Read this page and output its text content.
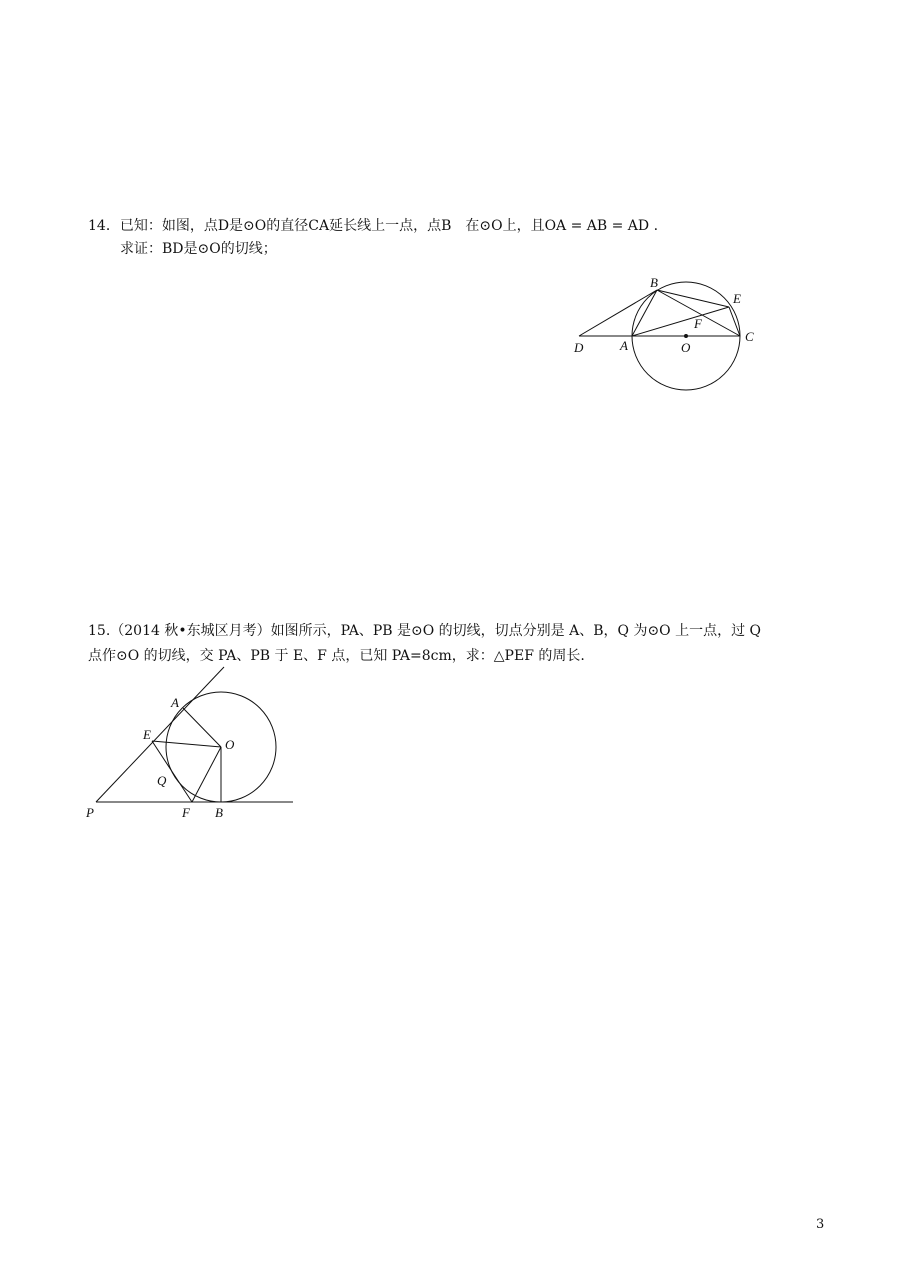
14．已知：如图，点D是⊙O的直径CA延长线上一点，点B　在⊙O上，且OA = AB = AD .
求证：BD是⊙O的切线；
B
E
F
D	A	O
C
15.（2014 秋•东城区月考）如图所示，PA、PB 是⊙O 的切线，切点分别是 A、B，Q 为⊙O 上一点，过 Q
点作⊙O 的切线，交 PA、PB 于 E、F 点，已知 PA=8cm，求：△PEF 的周长.
A
E
O
Q
P	F B
3
